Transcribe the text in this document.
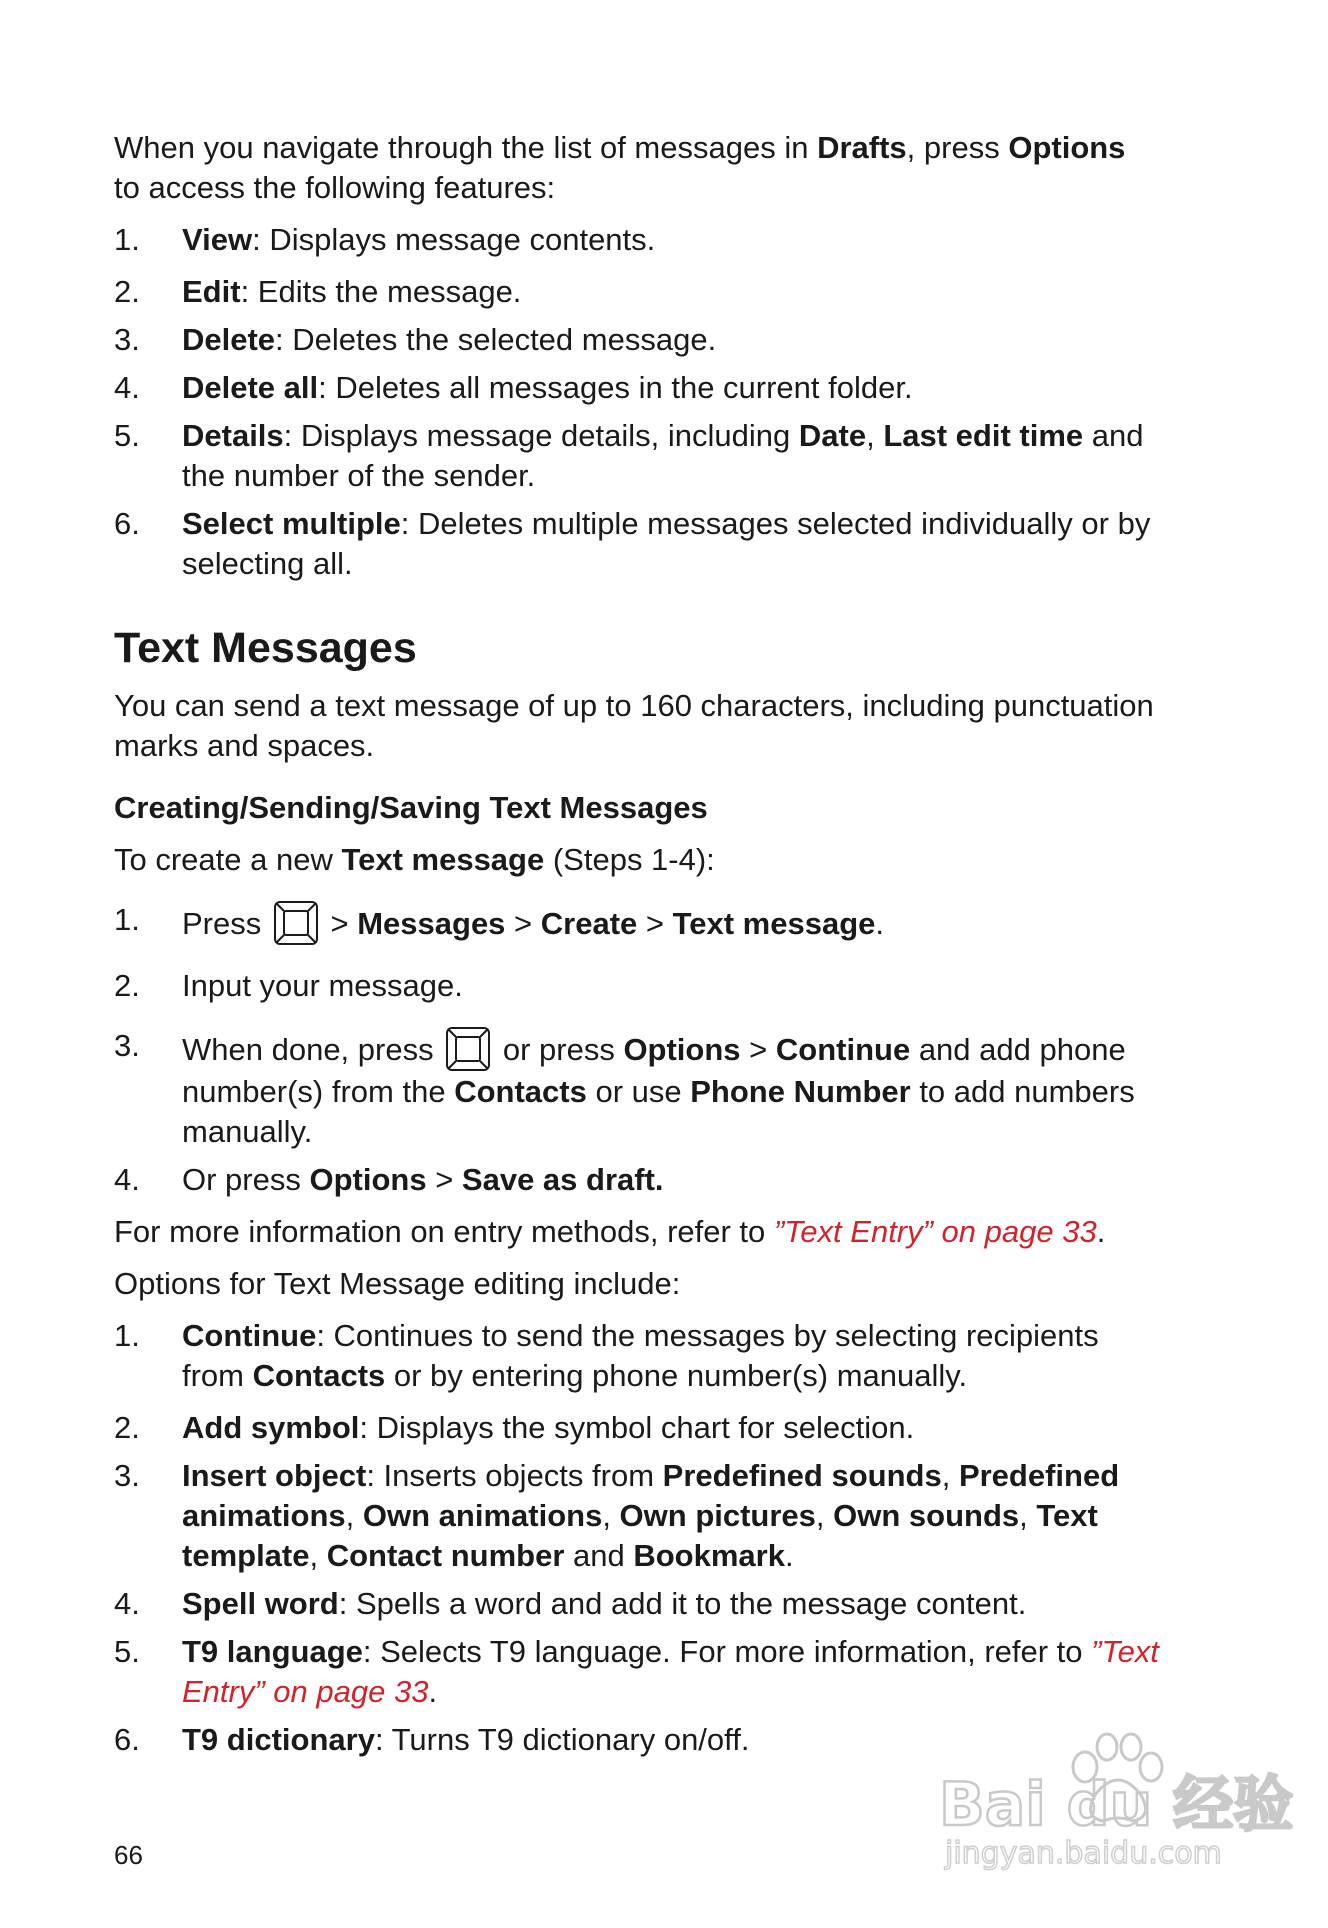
When you navigate through the list of messages in Drafts, press Options
to access the following features:

1. View: Displays message contents.
2. Edit: Edits the message.
3. Delete: Deletes the selected message.
4. Delete all: Deletes all messages in the current folder.
5. Details: Displays message details, including Date, Last edit time and the number of the sender.
6. Select multiple: Deletes multiple messages selected individually or by selecting all.
Text Messages

You can send a text message of up to 160 characters, including punctuation marks and spaces.

Creating/Sending/Saving Text Messages

To create a new Text message (Steps 1-4):

1. Press  > Messages > Create > Text message.
2. Input your message.
3. When done, press  or press Options > Continue and add phone number(s) from the Contacts or use Phone Number to add numbers manually.
4. Or press Options > Save as draft.

For more information on entry methods, refer to ”Text Entry” on page 33.

Options for Text Message editing include:

1. Continue: Continues to send the messages by selecting recipients from Contacts or by entering phone number(s) manually.
2. Add symbol: Displays the symbol chart for selection.
3. Insert object: Inserts objects from Predefined sounds, Predefined animations, Own animations, Own pictures, Own sounds, Text template, Contact number and Bookmark.
4. Spell word: Spells a word and add it to the message content.
5. T9 language: Selects T9 language. For more information, refer to ”Text Entry” on page 33.
6. T9 dictionary: Turns T9 dictionary on/off.
66
Bai du 经验
jingyan.baidu.com
